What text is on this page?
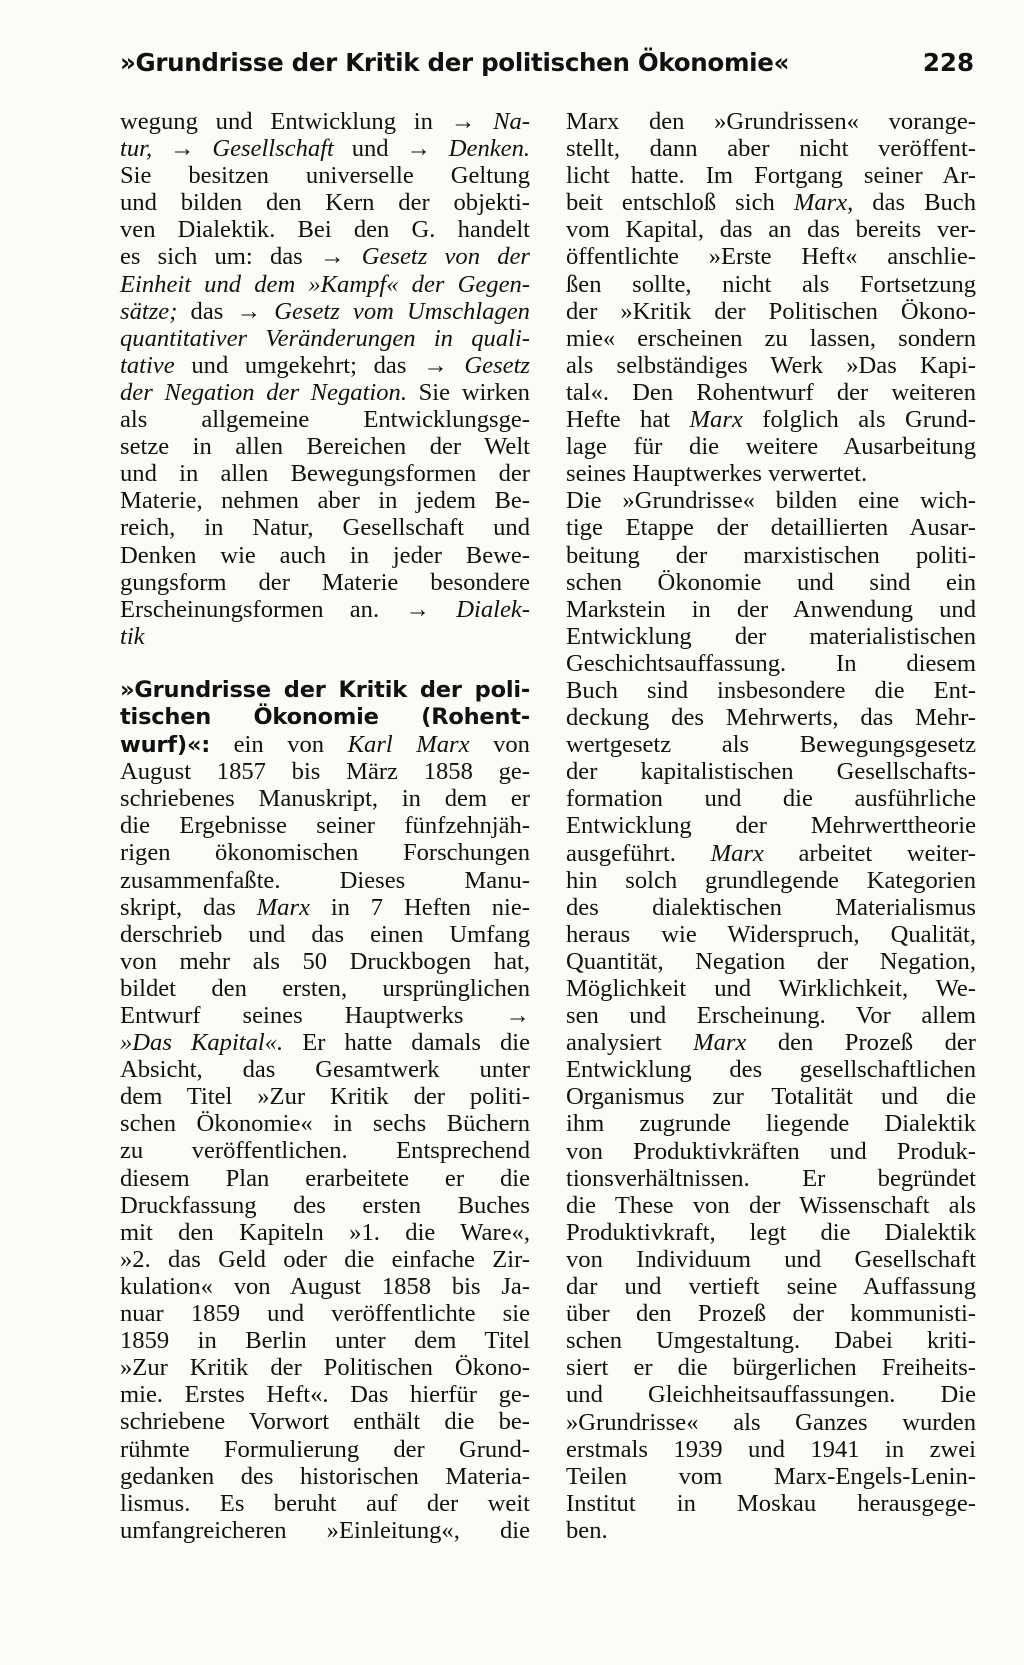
»Grundrisse der Kritik der politischen Ökonomie«	228
wegung und Entwicklung in → Na-
tur, → Gesellschaft und → Denken.
Sie besitzen universelle Geltung
und bilden den Kern der objekti-
ven Dialektik. Bei den G. handelt
es sich um: das → Gesetz von der
Einheit und dem »Kampf« der Gegen-
sätze; das → Gesetz vom Umschlagen
quantitativer Veränderungen in quali-
tative und umgekehrt; das → Gesetz
der Negation der Negation. Sie wirken
als allgemeine Entwicklungsge-
setze in allen Bereichen der Welt
und in allen Bewegungsformen der
Materie, nehmen aber in jedem Be-
reich, in Natur, Gesellschaft und
Denken wie auch in jeder Bewe-
gungsform der Materie besondere
Erscheinungsformen an. → Dialek-
tik
»Grundrisse der Kritik der poli-
tischen Ökonomie (Rohent-
wurf)«: ein von Karl Marx von
August 1857 bis März 1858 ge-
schriebenes Manuskript, in dem er
die Ergebnisse seiner fünfzehnjäh-
rigen ökonomischen Forschungen
zusammenfaßte. Dieses Manu-
skript, das Marx in 7 Heften nie-
derschrieb und das einen Umfang
von mehr als 50 Druckbogen hat,
bildet den ersten, ursprünglichen
Entwurf seines Hauptwerks →
»Das Kapital«. Er hatte damals die
Absicht, das Gesamtwerk unter
dem Titel »Zur Kritik der politi-
schen Ökonomie« in sechs Büchern
zu veröffentlichen. Entsprechend
diesem Plan erarbeitete er die
Druckfassung des ersten Buches
mit den Kapiteln »1. die Ware«,
»2. das Geld oder die einfache Zir-
kulation« von August 1858 bis Ja-
nuar 1859 und veröffentlichte sie
1859 in Berlin unter dem Titel
»Zur Kritik der Politischen Ökono-
mie. Erstes Heft«. Das hierfür ge-
schriebene Vorwort enthält die be-
rühmte Formulierung der Grund-
gedanken des historischen Materia-
lismus. Es beruht auf der weit
umfangreicheren »Einleitung«, die
Marx den »Grundrissen« vorange-
stellt, dann aber nicht veröffent-
licht hatte. Im Fortgang seiner Ar-
beit entschloß sich Marx, das Buch
vom Kapital, das an das bereits ver-
öffentlichte »Erste Heft« anschlie-
ßen sollte, nicht als Fortsetzung
der »Kritik der Politischen Ökono-
mie« erscheinen zu lassen, sondern
als selbständiges Werk »Das Kapi-
tal«. Den Rohentwurf der weiteren
Hefte hat Marx folglich als Grund-
lage für die weitere Ausarbeitung
seines Hauptwerkes verwertet.
Die »Grundrisse« bilden eine wich-
tige Etappe der detaillierten Ausar-
beitung der marxistischen politi-
schen Ökonomie und sind ein
Markstein in der Anwendung und
Entwicklung der materialistischen
Geschichtsauffassung. In diesem
Buch sind insbesondere die Ent-
deckung des Mehrwerts, das Mehr-
wertgesetz als Bewegungsgesetz
der kapitalistischen Gesellschafts-
formation und die ausführliche
Entwicklung der Mehrwerttheorie
ausgeführt. Marx arbeitet weiter-
hin solch grundlegende Kategorien
des dialektischen Materialismus
heraus wie Widerspruch, Qualität,
Quantität, Negation der Negation,
Möglichkeit und Wirklichkeit, We-
sen und Erscheinung. Vor allem
analysiert Marx den Prozeß der
Entwicklung des gesellschaftlichen
Organismus zur Totalität und die
ihm zugrunde liegende Dialektik
von Produktivkräften und Produk-
tionsverhältnissen. Er begründet
die These von der Wissenschaft als
Produktivkraft, legt die Dialektik
von Individuum und Gesellschaft
dar und vertieft seine Auffassung
über den Prozeß der kommunisti-
schen Umgestaltung. Dabei kriti-
siert er die bürgerlichen Freiheits-
und Gleichheitsauffassungen. Die
»Grundrisse« als Ganzes wurden
erstmals 1939 und 1941 in zwei
Teilen vom Marx-Engels-Lenin-
Institut in Moskau herausgege-
ben.
